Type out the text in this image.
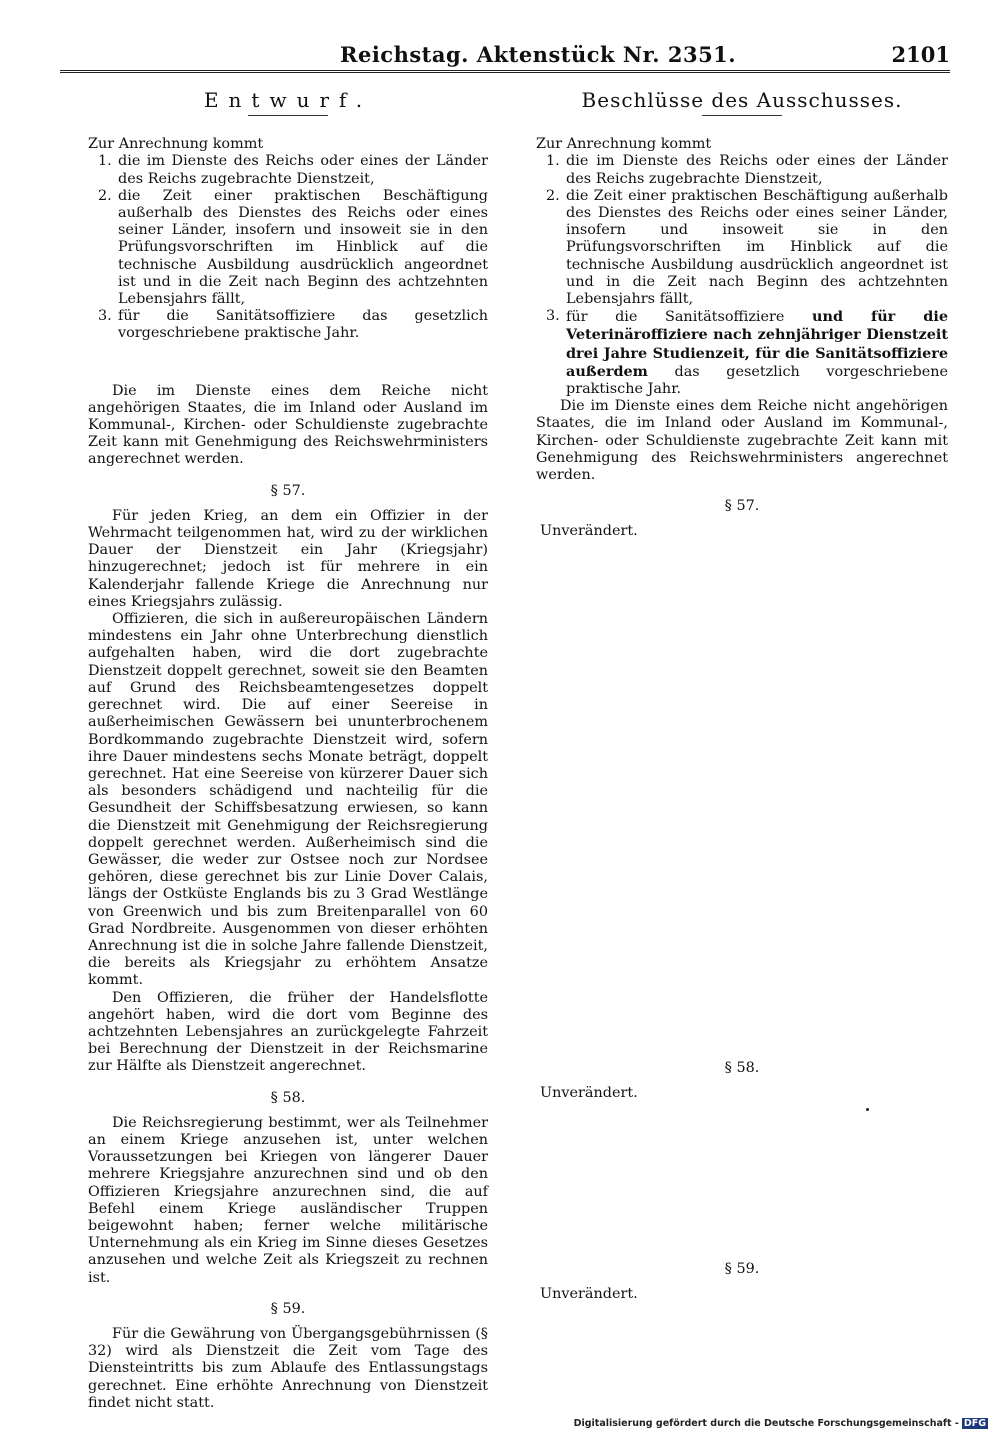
Reichstag. Aktenstück Nr. 2351.	2101
Entwurf.

Zur Anrechnung kommt

1. die im Dienste des Reichs oder eines der Länder des Reichs zugebrachte Dienstzeit,
2. die Zeit einer praktischen Beschäftigung außerhalb des Dienstes des Reichs oder eines seiner Länder, insofern und insoweit sie in den Prüfungsvorschriften im Hinblick auf die technische Ausbildung ausdrücklich angeordnet ist und in die Zeit nach Beginn des achtzehnten Lebensjahrs fällt,
3. für die Sanitätsoffiziere das gesetzlich vorgeschriebene praktische Jahr.

Die im Dienste eines dem Reiche nicht angehörigen Staates, die im Inland oder Ausland im Kommunal-, Kirchen- oder Schuldienste zugebrachte Zeit kann mit Genehmigung des Reichswehrministers angerechnet werden.

§ 57.

Für jeden Krieg, an dem ein Offizier in der Wehrmacht teilgenommen hat, wird zu der wirklichen Dauer der Dienstzeit ein Jahr (Kriegsjahr) hinzugerechnet; jedoch ist für mehrere in ein Kalenderjahr fallende Kriege die Anrechnung nur eines Kriegsjahrs zulässig.

Offizieren, die sich in außereuropäischen Ländern mindestens ein Jahr ohne Unterbrechung dienstlich aufgehalten haben, wird die dort zugebrachte Dienstzeit doppelt gerechnet, soweit sie den Beamten auf Grund des Reichsbeamtengesetzes doppelt gerechnet wird. Die auf einer Seereise in außerheimischen Gewässern bei ununterbrochenem Bordkommando zugebrachte Dienstzeit wird, sofern ihre Dauer mindestens sechs Monate beträgt, doppelt gerechnet. Hat eine Seereise von kürzerer Dauer sich als besonders schädigend und nachteilig für die Gesundheit der Schiffsbesatzung erwiesen, so kann die Dienstzeit mit Genehmigung der Reichsregierung doppelt gerechnet werden. Außerheimisch sind die Gewässer, die weder zur Ostsee noch zur Nordsee gehören, diese gerechnet bis zur Linie Dover Calais, längs der Ostküste Englands bis zu 3 Grad Westlänge von Greenwich und bis zum Breitenparallel von 60 Grad Nordbreite. Ausgenommen von dieser erhöhten Anrechnung ist die in solche Jahre fallende Dienstzeit, die bereits als Kriegsjahr zu erhöhtem Ansatze kommt.

Den Offizieren, die früher der Handelsflotte angehört haben, wird die dort vom Beginne des achtzehnten Lebensjahres an zurückgelegte Fahrzeit bei Berechnung der Dienstzeit in der Reichsmarine zur Hälfte als Dienstzeit angerechnet.

§ 58.

Die Reichsregierung bestimmt, wer als Teilnehmer an einem Kriege anzusehen ist, unter welchen Voraussetzungen bei Kriegen von längerer Dauer mehrere Kriegsjahre anzurechnen sind und ob den Offizieren Kriegsjahre anzurechnen sind, die auf Befehl einem Kriege ausländischer Truppen beigewohnt haben; ferner welche militärische Unternehmung als ein Krieg im Sinne dieses Gesetzes anzusehen und welche Zeit als Kriegszeit zu rechnen ist.

§ 59.

Für die Gewährung von Übergangsgebührnissen (§ 32) wird als Dienstzeit die Zeit vom Tage des Diensteintritts bis zum Ablaufe des Entlassungstags gerechnet. Eine erhöhte Anrechnung von Dienstzeit findet nicht statt.

Beschlüsse des Ausschusses.

Zur Anrechnung kommt

1. die im Dienste des Reichs oder eines der Länder des Reichs zugebrachte Dienstzeit,
2. die Zeit einer praktischen Beschäftigung außerhalb des Dienstes des Reichs oder eines seiner Länder, insofern und insoweit sie in den Prüfungsvorschriften im Hinblick auf die technische Ausbildung ausdrücklich angeordnet ist und in die Zeit nach Beginn des achtzehnten Lebensjahrs fällt,
3. für die Sanitätsoffiziere und für die Veterinäroffiziere nach zehnjähriger Dienstzeit drei Jahre Studienzeit, für die Sanitätsoffiziere außerdem das gesetzlich vorgeschriebene praktische Jahr.

Die im Dienste eines dem Reiche nicht angehörigen Staates, die im Inland oder Ausland im Kommunal-, Kirchen- oder Schuldienste zugebrachte Zeit kann mit Genehmigung des Reichswehrministers angerechnet werden.

§ 57.

Unverändert.

§ 58.

Unverändert.

§ 59.

Unverändert.

Digitalisierung gefördert durch die Deutsche Forschungsgemeinschaft - DFG
